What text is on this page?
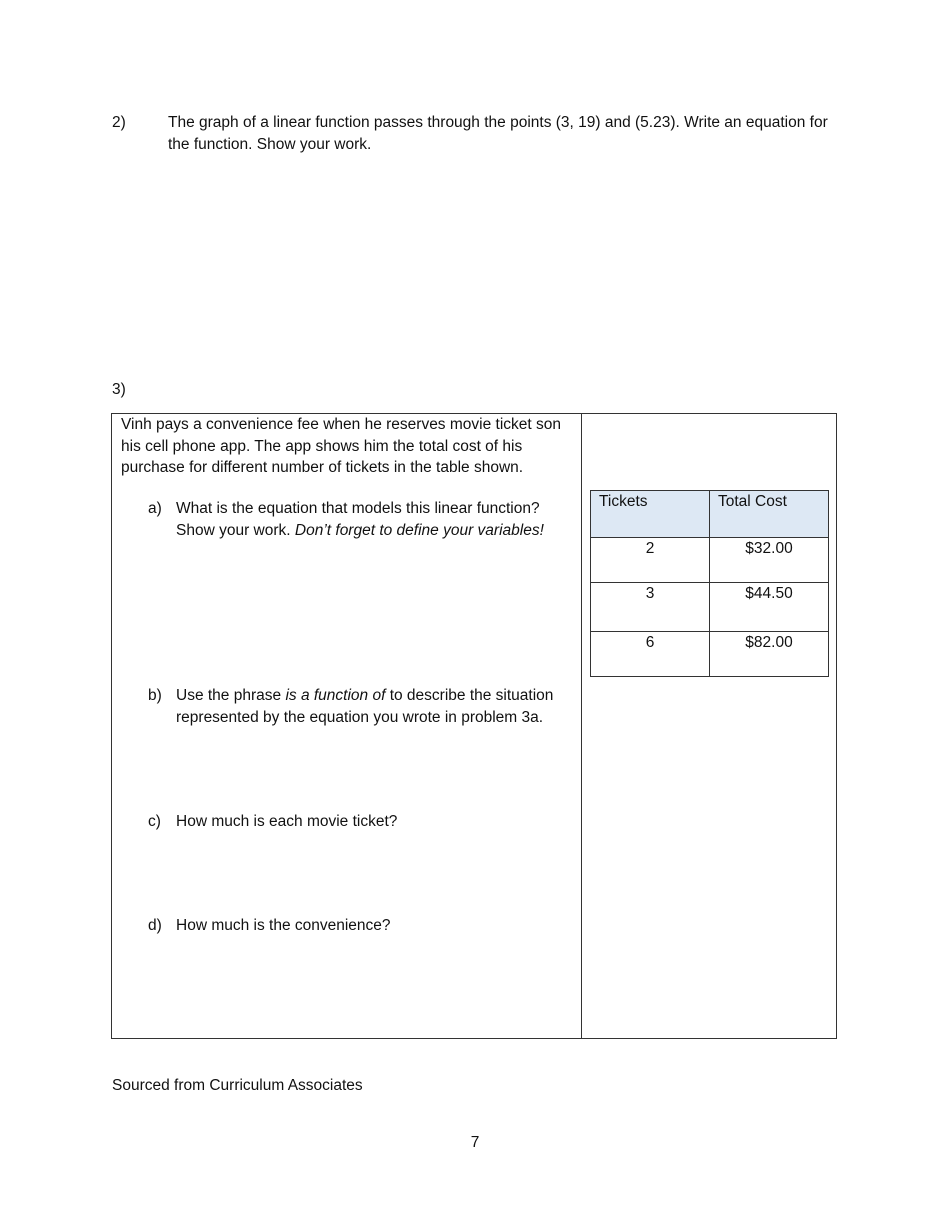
2)	The graph of a linear function passes through the points (3, 19) and (5.23). Write an equation for the function. Show your work.
3)
Vinh pays a convenience fee when he reserves movie ticket son his cell phone app. The app shows him the total cost of his purchase for different number of tickets in the table shown.
a) What is the equation that models this linear function? Show your work. Don’t forget to define your variables!
b) Use the phrase is a function of to describe the situation represented by the equation you wrote in problem 3a.
c) How much is each movie ticket?
d) How much is the convenience?
Tickets	Total Cost
2	$32.00
3	$44.50
6	$82.00
Sourced from Curriculum Associates
7
